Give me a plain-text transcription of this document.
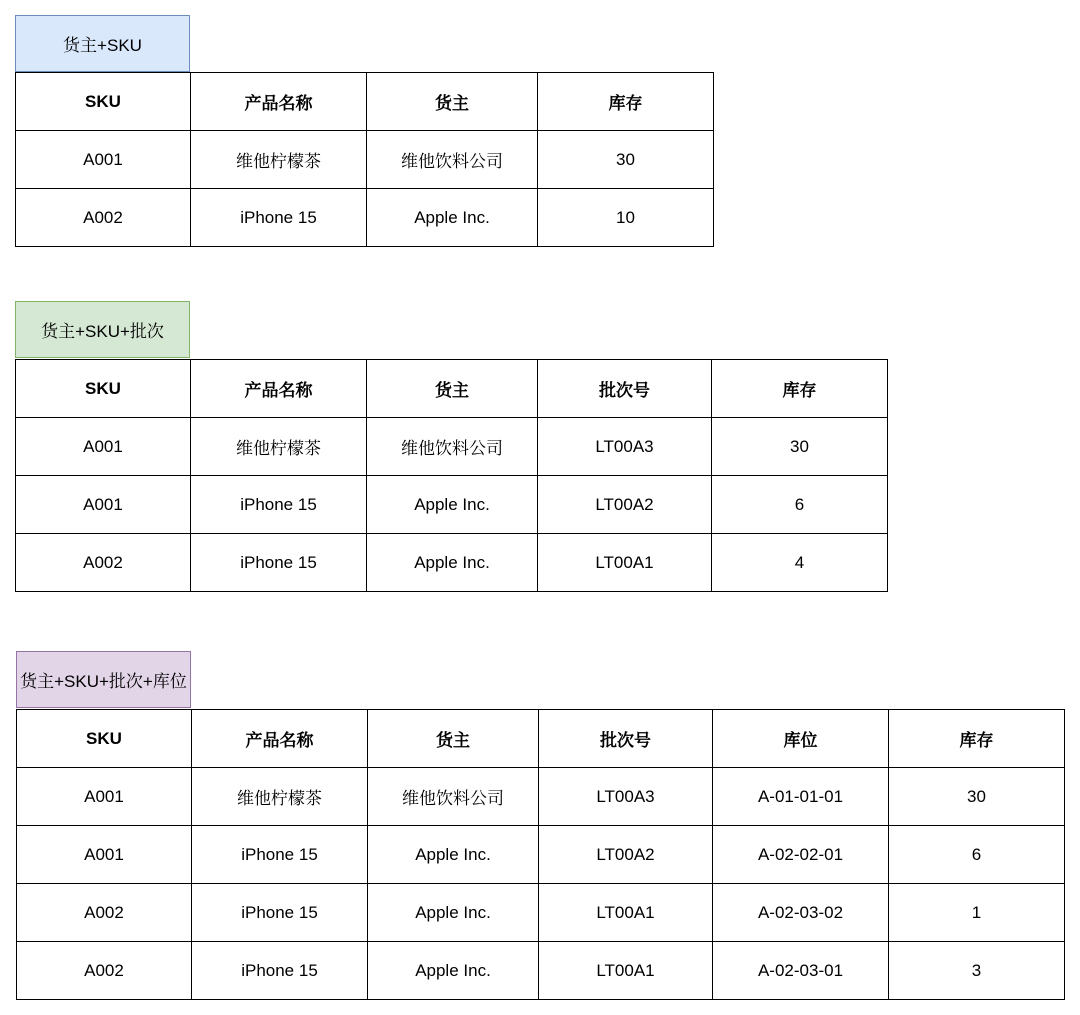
货主+SKU
SKU	产品名称	货主	库存
A001	维他柠檬茶	维他饮料公司	30
A002	iPhone 15	Apple Inc.	10
货主+SKU+批次
SKU	产品名称	货主	批次号	库存
A001	维他柠檬茶	维他饮料公司	LT00A3	30
A001	iPhone 15	Apple Inc.	LT00A2	6
A002	iPhone 15	Apple Inc.	LT00A1	4
货主+SKU+批次+库位
SKU	产品名称	货主	批次号	库位	库存
A001	维他柠檬茶	维他饮料公司	LT00A3	A-01-01-01	30
A001	iPhone 15	Apple Inc.	LT00A2	A-02-02-01	6
A002	iPhone 15	Apple Inc.	LT00A1	A-02-03-02	1
A002	iPhone 15	Apple Inc.	LT00A1	A-02-03-01	3
